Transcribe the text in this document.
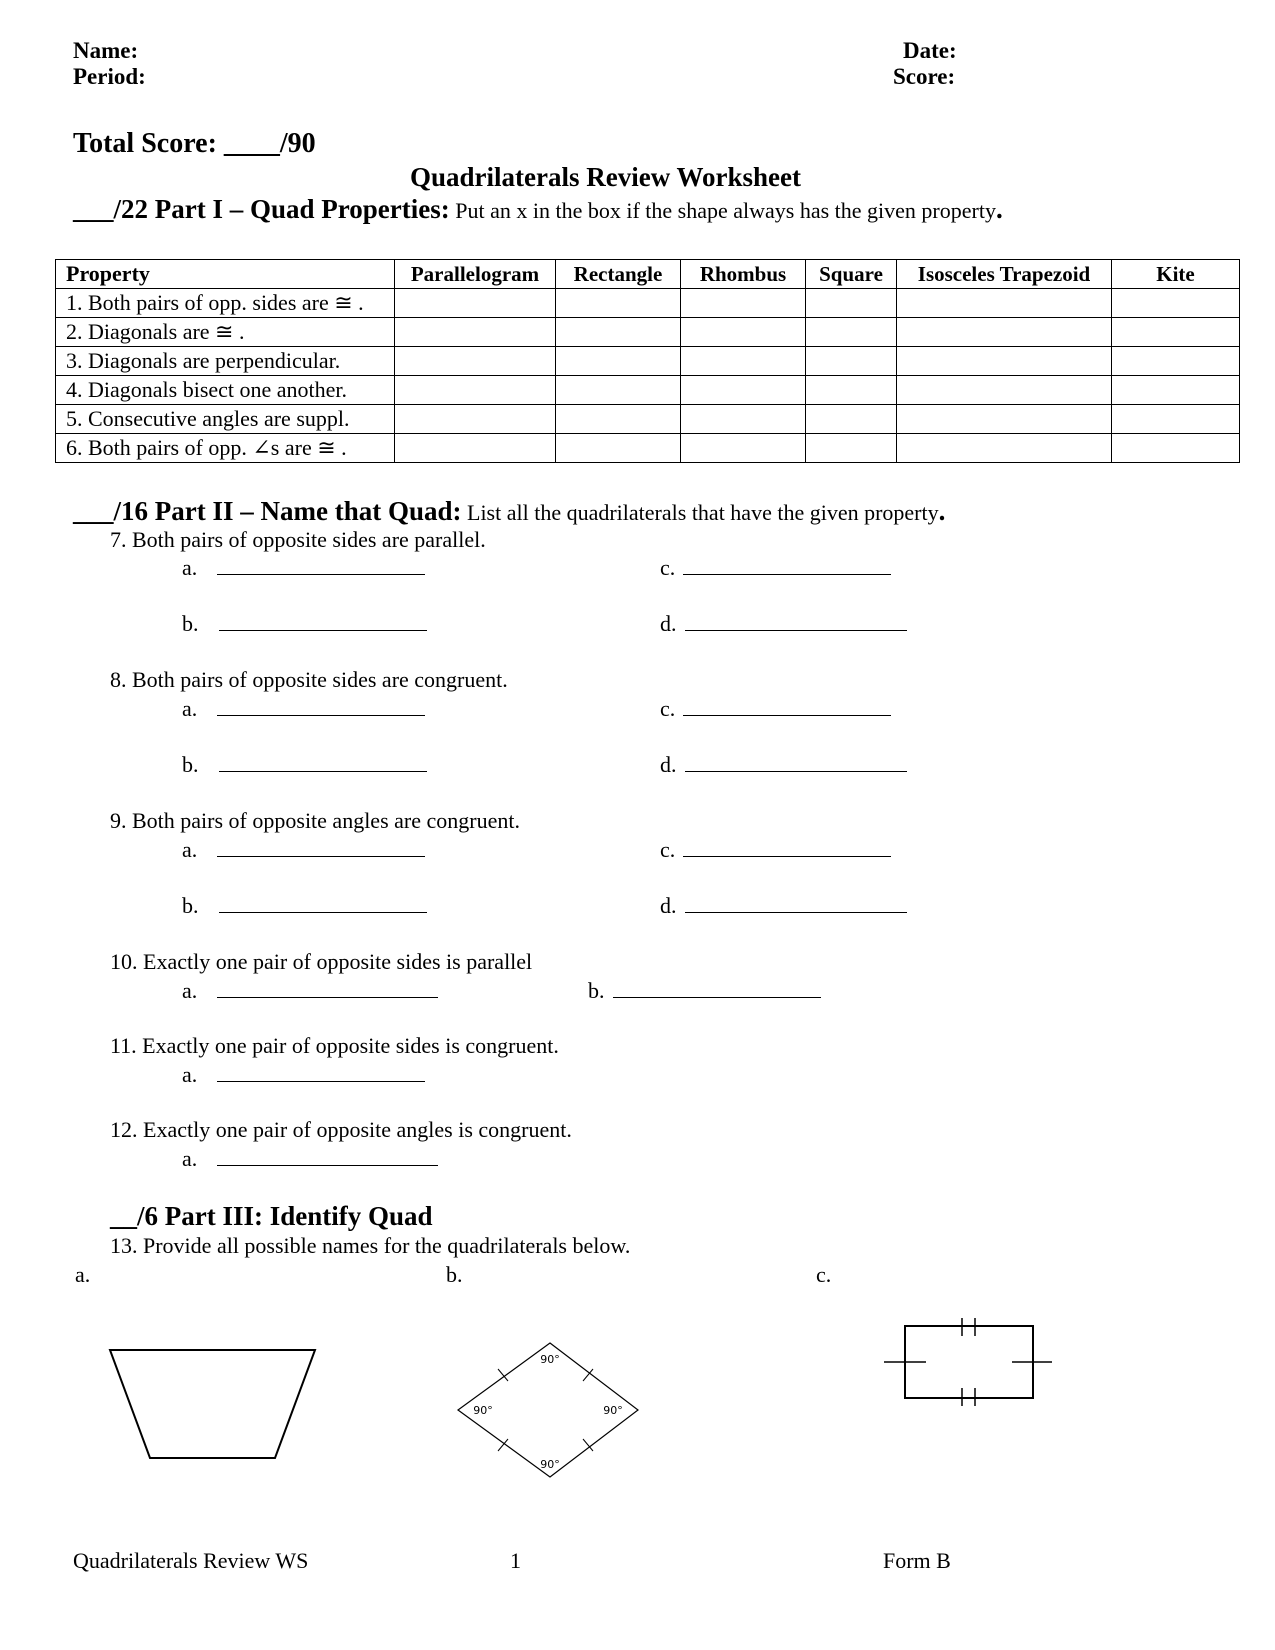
Name:
Period:
Date:
Score:
Total Score: ____/90
Quadrilaterals Review Worksheet
___/22 Part I – Quad Properties: Put an x in the box if the shape always has the given property.
Property	Parallelogram	Rectangle	Rhombus	Square	Isosceles Trapezoid	Kite
1. Both pairs of opp. sides are ≅ .						
2. Diagonals are ≅ .						
3. Diagonals are perpendicular.						
4. Diagonals bisect one another.						
5. Consecutive angles are suppl.						
6. Both pairs of opp. ∠s are ≅ .						
___/16 Part II – Name that Quad: List all the quadrilaterals that have the given property.
7. Both pairs of opposite sides are parallel.
a.	c.
b.	d.
8. Both pairs of opposite sides are congruent.
a.	c.
b.	d.
9. Both pairs of opposite angles are congruent.
a.	c.
b.	d.
10. Exactly one pair of opposite sides is parallel
a.	b.
11. Exactly one pair of opposite sides is congruent.
a.
12. Exactly one pair of opposite angles is congruent.
a.
__/6 Part III: Identify Quad
13. Provide all possible names for the quadrilaterals below.
a.	b.	c.
90°
90°	90°
90°
Quadrilaterals Review WS	1	Form B
